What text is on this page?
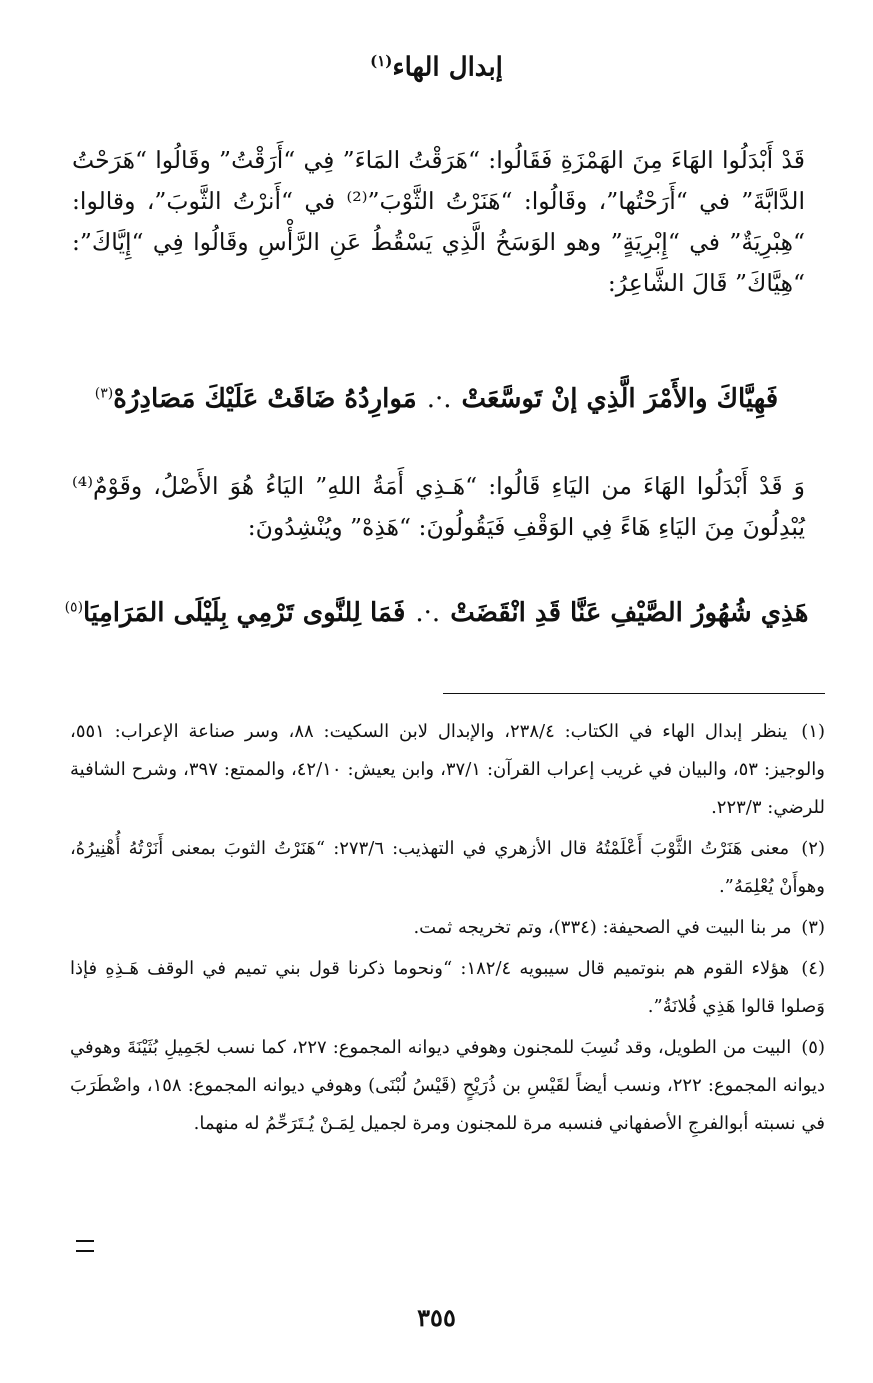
إبدال الهاء$^{(١)}$
قَدْ أَبْدَلُوا الهَاءَ مِنَ الهَمْزَةِ فَقَالُوا: “هَرَقْتُ المَاءَ” فِي “أَرَقْتُ” وقَالُوا “هَرَحْتُ الدَّابَّةَ” في “أَرَحْتُها”، وقَالُوا: “هَنَرْتُ الثَّوْبَ”⁽²⁾ في “أَنرْتُ الثَّوبَ”، وقالوا: “هِبْرِيَةٌ” في “إِبْرِيَةٍ” وهو الوَسَخُ الَّذِي يَسْقُطُ عَنِ الرَّأْسِ وقَالُوا فِي “إِيَّاكَ”: “هِيَّاكَ” قَالَ الشَّاعِرُ:
فَهِيَّاكَ والأَمْرَ الَّذِي إنْ تَوسَّعَتْ.·.مَوارِدُهُ ضَاقَتْ عَلَيْكَ مَصَادِرُهْ$^{(٣)}$
وَ قَدْ أَبْدَلُوا الهَاءَ من اليَاءِ قَالُوا: “هَـذِي أَمَةُ اللهِ” اليَاءُ هُوَ الأَصْلُ، وقَوْمٌ⁽⁴⁾ يُبْدِلُونَ مِنَ اليَاءِ هَاءً فِي الوَقْفِ فَيَقُولُونَ: “هَذِهْ” ويُنْشِدُونَ:
هَذِي شُهُورُ الصَّيْفِ عَنَّا قَدِ انْقَضَتْ.·.فَمَا لِلنَّوى تَرْمِي بِلَيْلَى المَرَامِيَا$^{(٥)}$
(١) ينظر إبدال الهاء في الكتاب: ٢٣٨/٤، والإبدال لابن السكيت: ٨٨، وسر صناعة الإعراب: ٥٥١، والوجيز: ٥٣، والبيان في غريب إعراب القرآن: ٣٧/١، وابن يعيش: ٤٢/١٠، والممتع: ٣٩٧، وشرح الشافية للرضي: ٢٢٣/٣.
(٢) معنى هَنَرْتُ الثَّوْبَ أَعْلَمْتُهُ قال الأزهري في التهذيب: ٢٧٣/٦: “هَنَرْتُ الثوبَ بمعنى أَنَرْتُهُ أُهْنِيرُهُ، وهوأَنْ يُعْلِمَهُ”.
(٣) مر بنا البيت في الصحيفة: (٣٣٤)، وتم تخريجه ثمت.
(٤) هؤلاء القوم هم بنوتميم قال سيبويه ١٨٢/٤: “ونحوما ذكرنا قول بني تميم في الوقف هَـذِهِ فإذا وَصلوا قالوا هَذِي فُلانَةُ”.
(٥) البيت من الطويل، وقد نُسِبَ للمجنون وهوفي ديوانه المجموع: ٢٢٧، كما نسب لجَمِيلِ بُثَيْنَةَ وهوفي ديوانه المجموع: ٢٢٢، ونسب أيضاً لقَيْسِ بن ذُرَيْحٍ (قَيْسُ لُبْنَى) وهوفي ديوانه المجموع: ١٥٨، واضْطَرَبَ في نسبته أبوالفرجِ الأصفهاني فنسبه مرة للمجنون ومرة لجميل لِمَـنْ يُـتَرَحِّمُ له منهما.
٣٥٥
